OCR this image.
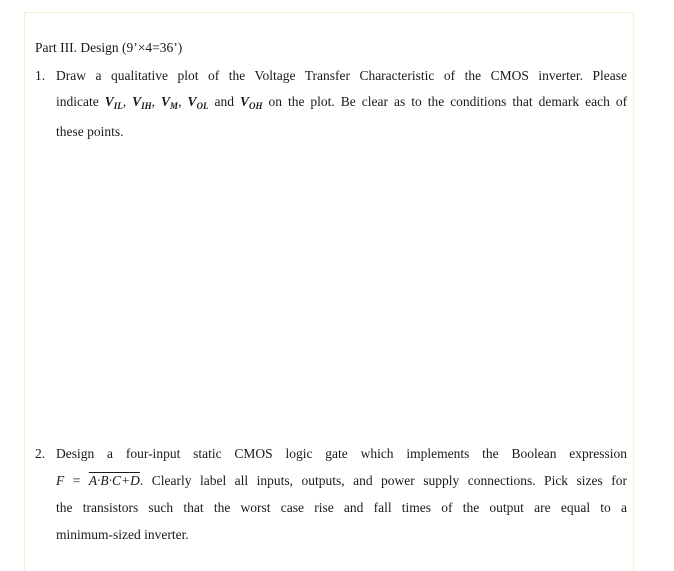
Part III. Design (9’×4=36’)
1. Draw a qualitative plot of the Voltage Transfer Characteristic of the CMOS inverter. Please
indicate $V_{IL}$, $V_{IH}$, $V_M$, $V_{OL}$ and $V_{OH}$ on the plot. Be clear as to the conditions that demark each of
these points.
2. Design a four-input static CMOS logic gate which implements the Boolean expression
F = A·B·C+D. Clearly label all inputs, outputs, and power supply connections. Pick sizes for
the transistors such that the worst case rise and fall times of the output are equal to a
minimum-sized inverter.
